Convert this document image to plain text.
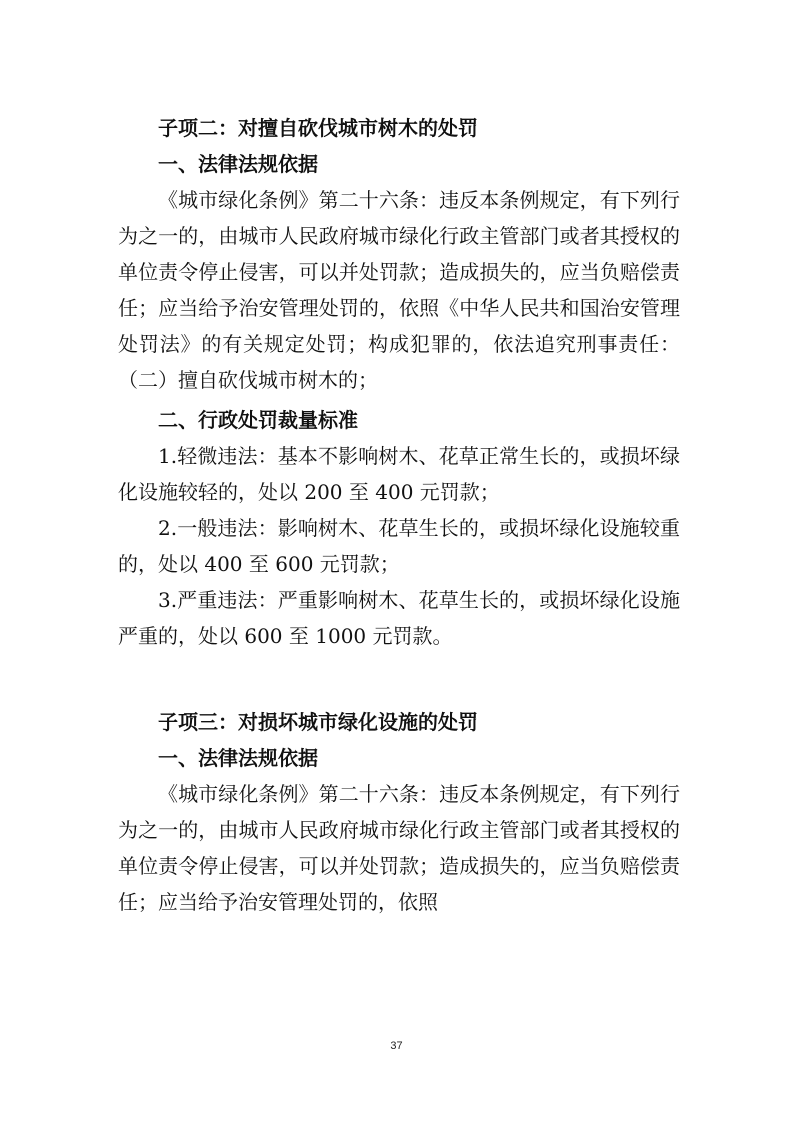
子项二：对擅自砍伐城市树木的处罚

一、法律法规依据

《城市绿化条例》第二十六条：违反本条例规定，有下列行为之一的，由城市人民政府城市绿化行政主管部门或者其授权的单位责令停止侵害，可以并处罚款；造成损失的，应当负赔偿责任；应当给予治安管理处罚的，依照《中华人民共和国治安管理处罚法》的有关规定处罚；构成犯罪的，依法追究刑事责任：（二）擅自砍伐城市树木的；

二、行政处罚裁量标准

1.轻微违法：基本不影响树木、花草正常生长的，或损坏绿化设施较轻的，处以 200 至 400 元罚款；

2.一般违法：影响树木、花草生长的，或损坏绿化设施较重的，处以 400 至 600 元罚款；

3.严重违法：严重影响树木、花草生长的，或损坏绿化设施严重的，处以 600 至 1000 元罚款。

子项三：对损坏城市绿化设施的处罚

一、法律法规依据

《城市绿化条例》第二十六条：违反本条例规定，有下列行为之一的，由城市人民政府城市绿化行政主管部门或者其授权的单位责令停止侵害，可以并处罚款；造成损失的，应当负赔偿责任；应当给予治安管理处罚的，依照

37
